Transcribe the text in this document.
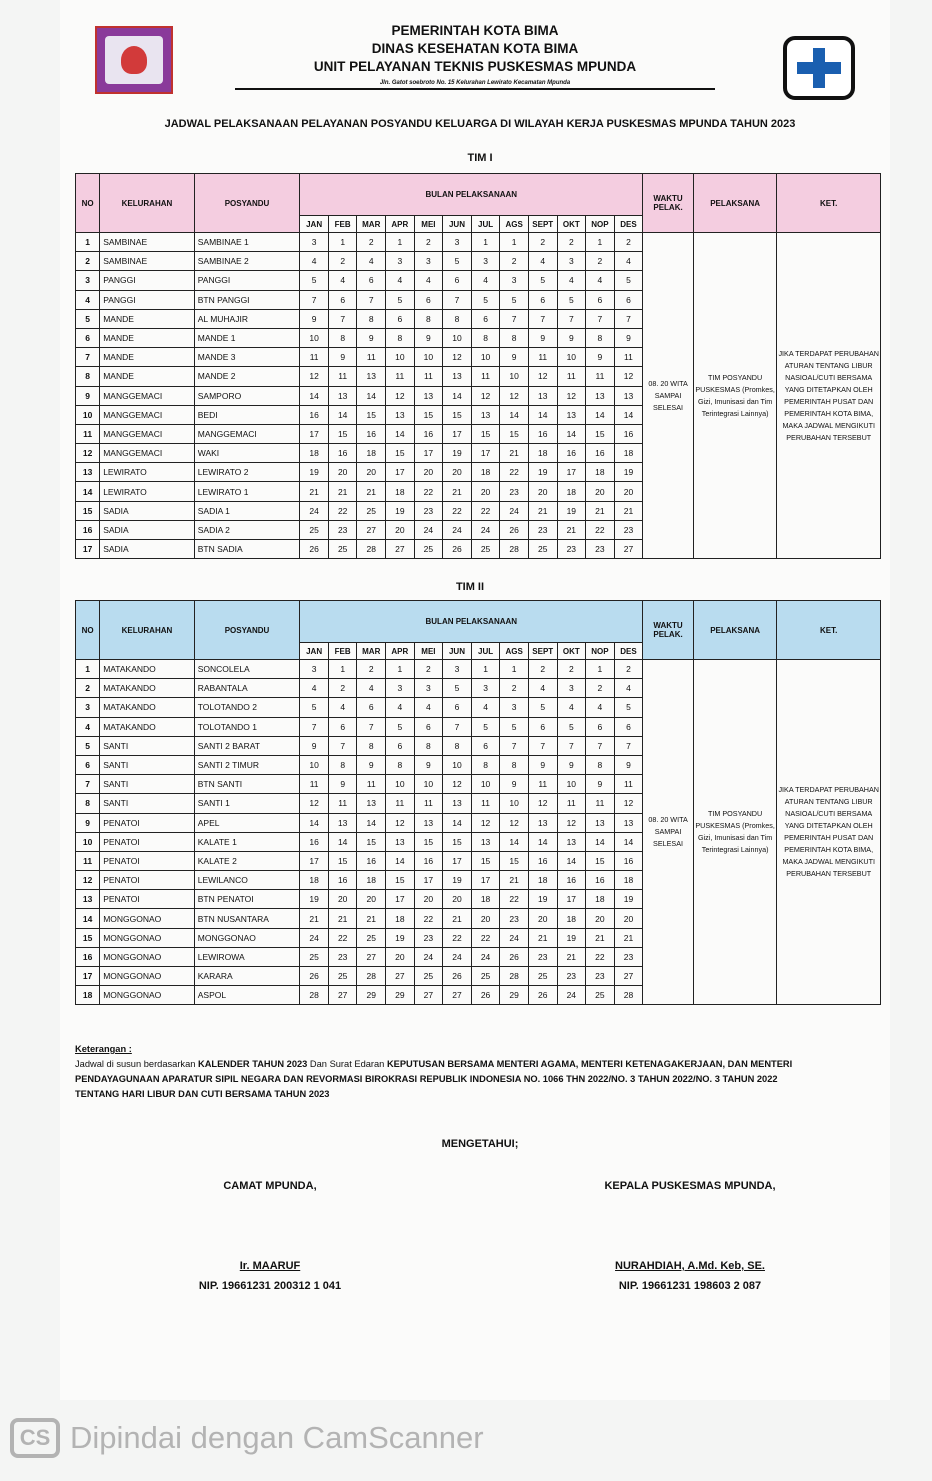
PEMERINTAH KOTA BIMA
DINAS KESEHATAN KOTA BIMA
UNIT PELAYANAN TEKNIS PUSKESMAS MPUNDA
Jln. Gatot soebroto No. 15 Kelurahan Lewirato Kecamatan Mpunda
JADWAL PELAKSANAAN PELAYANAN POSYANDU KELUARGA DI WILAYAH KERJA PUSKESMAS MPUNDA TAHUN 2023
TIM I
NO	KELURAHAN	POSYANDU	BULAN PELAKSANAAN												WAKTU PELAK.	PELAKSANA	KET.
			JAN	FEB	MAR	APR	MEI	JUN	JUL	AGS	SEPT	OKT	NOP	DES			
1	SAMBINAE	SAMBINAE 1	3	1	2	1	2	3	1	1	2	2	1	2	08. 20 WITA SAMPAI SELESAI	TIM POSYANDU PUSKESMAS (Promkes, Gizi, Imunisasi dan Tim Terintegrasi Lainnya)	JIKA TERDAPAT PERUBAHAN ATURAN TENTANG LIBUR NASIOAL/CUTI BERSAMA YANG DITETAPKAN OLEH PEMERINTAH PUSAT DAN PEMERINTAH KOTA BIMA, MAKA JADWAL MENGIKUTI PERUBAHAN TERSEBUT
2	SAMBINAE	SAMBINAE 2	4	2	4	3	3	5	3	2	4	3	2	4			
3	PANGGI	PANGGI	5	4	6	4	4	6	4	3	5	4	4	5			
4	PANGGI	BTN PANGGI	7	6	7	5	6	7	5	5	6	5	6	6			
5	MANDE	AL MUHAJIR	9	7	8	6	8	8	6	7	7	7	7	7			
6	MANDE	MANDE 1	10	8	9	8	9	10	8	8	9	9	8	9			
7	MANDE	MANDE 3	11	9	11	10	10	12	10	9	11	10	9	11			
8	MANDE	MANDE 2	12	11	13	11	11	13	11	10	12	11	11	12			
9	MANGGEMACI	SAMPORO	14	13	14	12	13	14	12	12	13	12	13	13			
10	MANGGEMACI	BEDI	16	14	15	13	15	15	13	14	14	13	14	14			
11	MANGGEMACI	MANGGEMACI	17	15	16	14	16	17	15	15	16	14	15	16			
12	MANGGEMACI	WAKI	18	16	18	15	17	19	17	21	18	16	16	18			
13	LEWIRATO	LEWIRATO 2	19	20	20	17	20	20	18	22	19	17	18	19			
14	LEWIRATO	LEWIRATO 1	21	21	21	18	22	21	20	23	20	18	20	20			
15	SADIA	SADIA 1	24	22	25	19	23	22	22	24	21	19	21	21			
16	SADIA	SADIA 2	25	23	27	20	24	24	24	26	23	21	22	23			
17	SADIA	BTN SADIA	26	25	28	27	25	26	25	28	25	23	23	27			
TIM II
NO	KELURAHAN	POSYANDU	BULAN PELAKSANAAN												WAKTU PELAK.	PELAKSANA	KET.
			JAN	FEB	MAR	APR	MEI	JUN	JUL	AGS	SEPT	OKT	NOP	DES			
1	MATAKANDO	SONCOLELA	3	1	2	1	2	3	1	1	2	2	1	2	08. 20 WITA SAMPAI SELESAI	TIM POSYANDU PUSKESMAS (Promkes, Gizi, Imunisasi dan Tim Terintegrasi Lainnya)	JIKA TERDAPAT PERUBAHAN ATURAN TENTANG LIBUR NASIOAL/CUTI BERSAMA YANG DITETAPKAN OLEH PEMERINTAH PUSAT DAN PEMERINTAH KOTA BIMA, MAKA JADWAL MENGIKUTI PERUBAHAN TERSEBUT
2	MATAKANDO	RABANTALA	4	2	4	3	3	5	3	2	4	3	2	4			
3	MATAKANDO	TOLOTANDO 2	5	4	6	4	4	6	4	3	5	4	4	5			
4	MATAKANDO	TOLOTANDO 1	7	6	7	5	6	7	5	5	6	5	6	6			
5	SANTI	SANTI 2 BARAT	9	7	8	6	8	8	6	7	7	7	7	7			
6	SANTI	SANTI 2 TIMUR	10	8	9	8	9	10	8	8	9	9	8	9			
7	SANTI	BTN SANTI	11	9	11	10	10	12	10	9	11	10	9	11			
8	SANTI	SANTI 1	12	11	13	11	11	13	11	10	12	11	11	12			
9	PENATOI	APEL	14	13	14	12	13	14	12	12	13	12	13	13			
10	PENATOI	KALATE 1	16	14	15	13	15	15	13	14	14	13	14	14			
11	PENATOI	KALATE 2	17	15	16	14	16	17	15	15	16	14	15	16			
12	PENATOI	LEWILANCO	18	16	18	15	17	19	17	21	18	16	16	18			
13	PENATOI	BTN PENATOI	19	20	20	17	20	20	18	22	19	17	18	19			
14	MONGGONAO	BTN NUSANTARA	21	21	21	18	22	21	20	23	20	18	20	20			
15	MONGGONAO	MONGGONAO	24	22	25	19	23	22	22	24	21	19	21	21			
16	MONGGONAO	LEWIROWA	25	23	27	20	24	24	24	26	23	21	22	23			
17	MONGGONAO	KARARA	26	25	28	27	25	26	25	28	25	23	23	27			
18	MONGGONAO	ASPOL	28	27	29	29	27	27	26	29	26	24	25	28			
Keterangan :
Jadwal di susun berdasarkan KALENDER TAHUN 2023 Dan Surat Edaran KEPUTUSAN BERSAMA MENTERI AGAMA, MENTERI KETENAGAKERJAAN, DAN MENTERI
PENDAYAGUNAAN APARATUR SIPIL NEGARA DAN REVORMASI BIROKRASI REPUBLIK INDONESIA NO. 1066 THN 2022/NO. 3 TAHUN 2022/NO. 3 TAHUN 2022
TENTANG HARI LIBUR DAN CUTI BERSAMA TAHUN 2023
MENGETAHUI;
CAMAT MPUNDA,	KEPALA PUSKESMAS MPUNDA,
Ir. MAARUF
NIP. 19661231 200312 1 041
NURAHDIAH, A.Md. Keb, SE.
NIP. 19661231 198603 2 087
CS Dipindai dengan CamScanner
